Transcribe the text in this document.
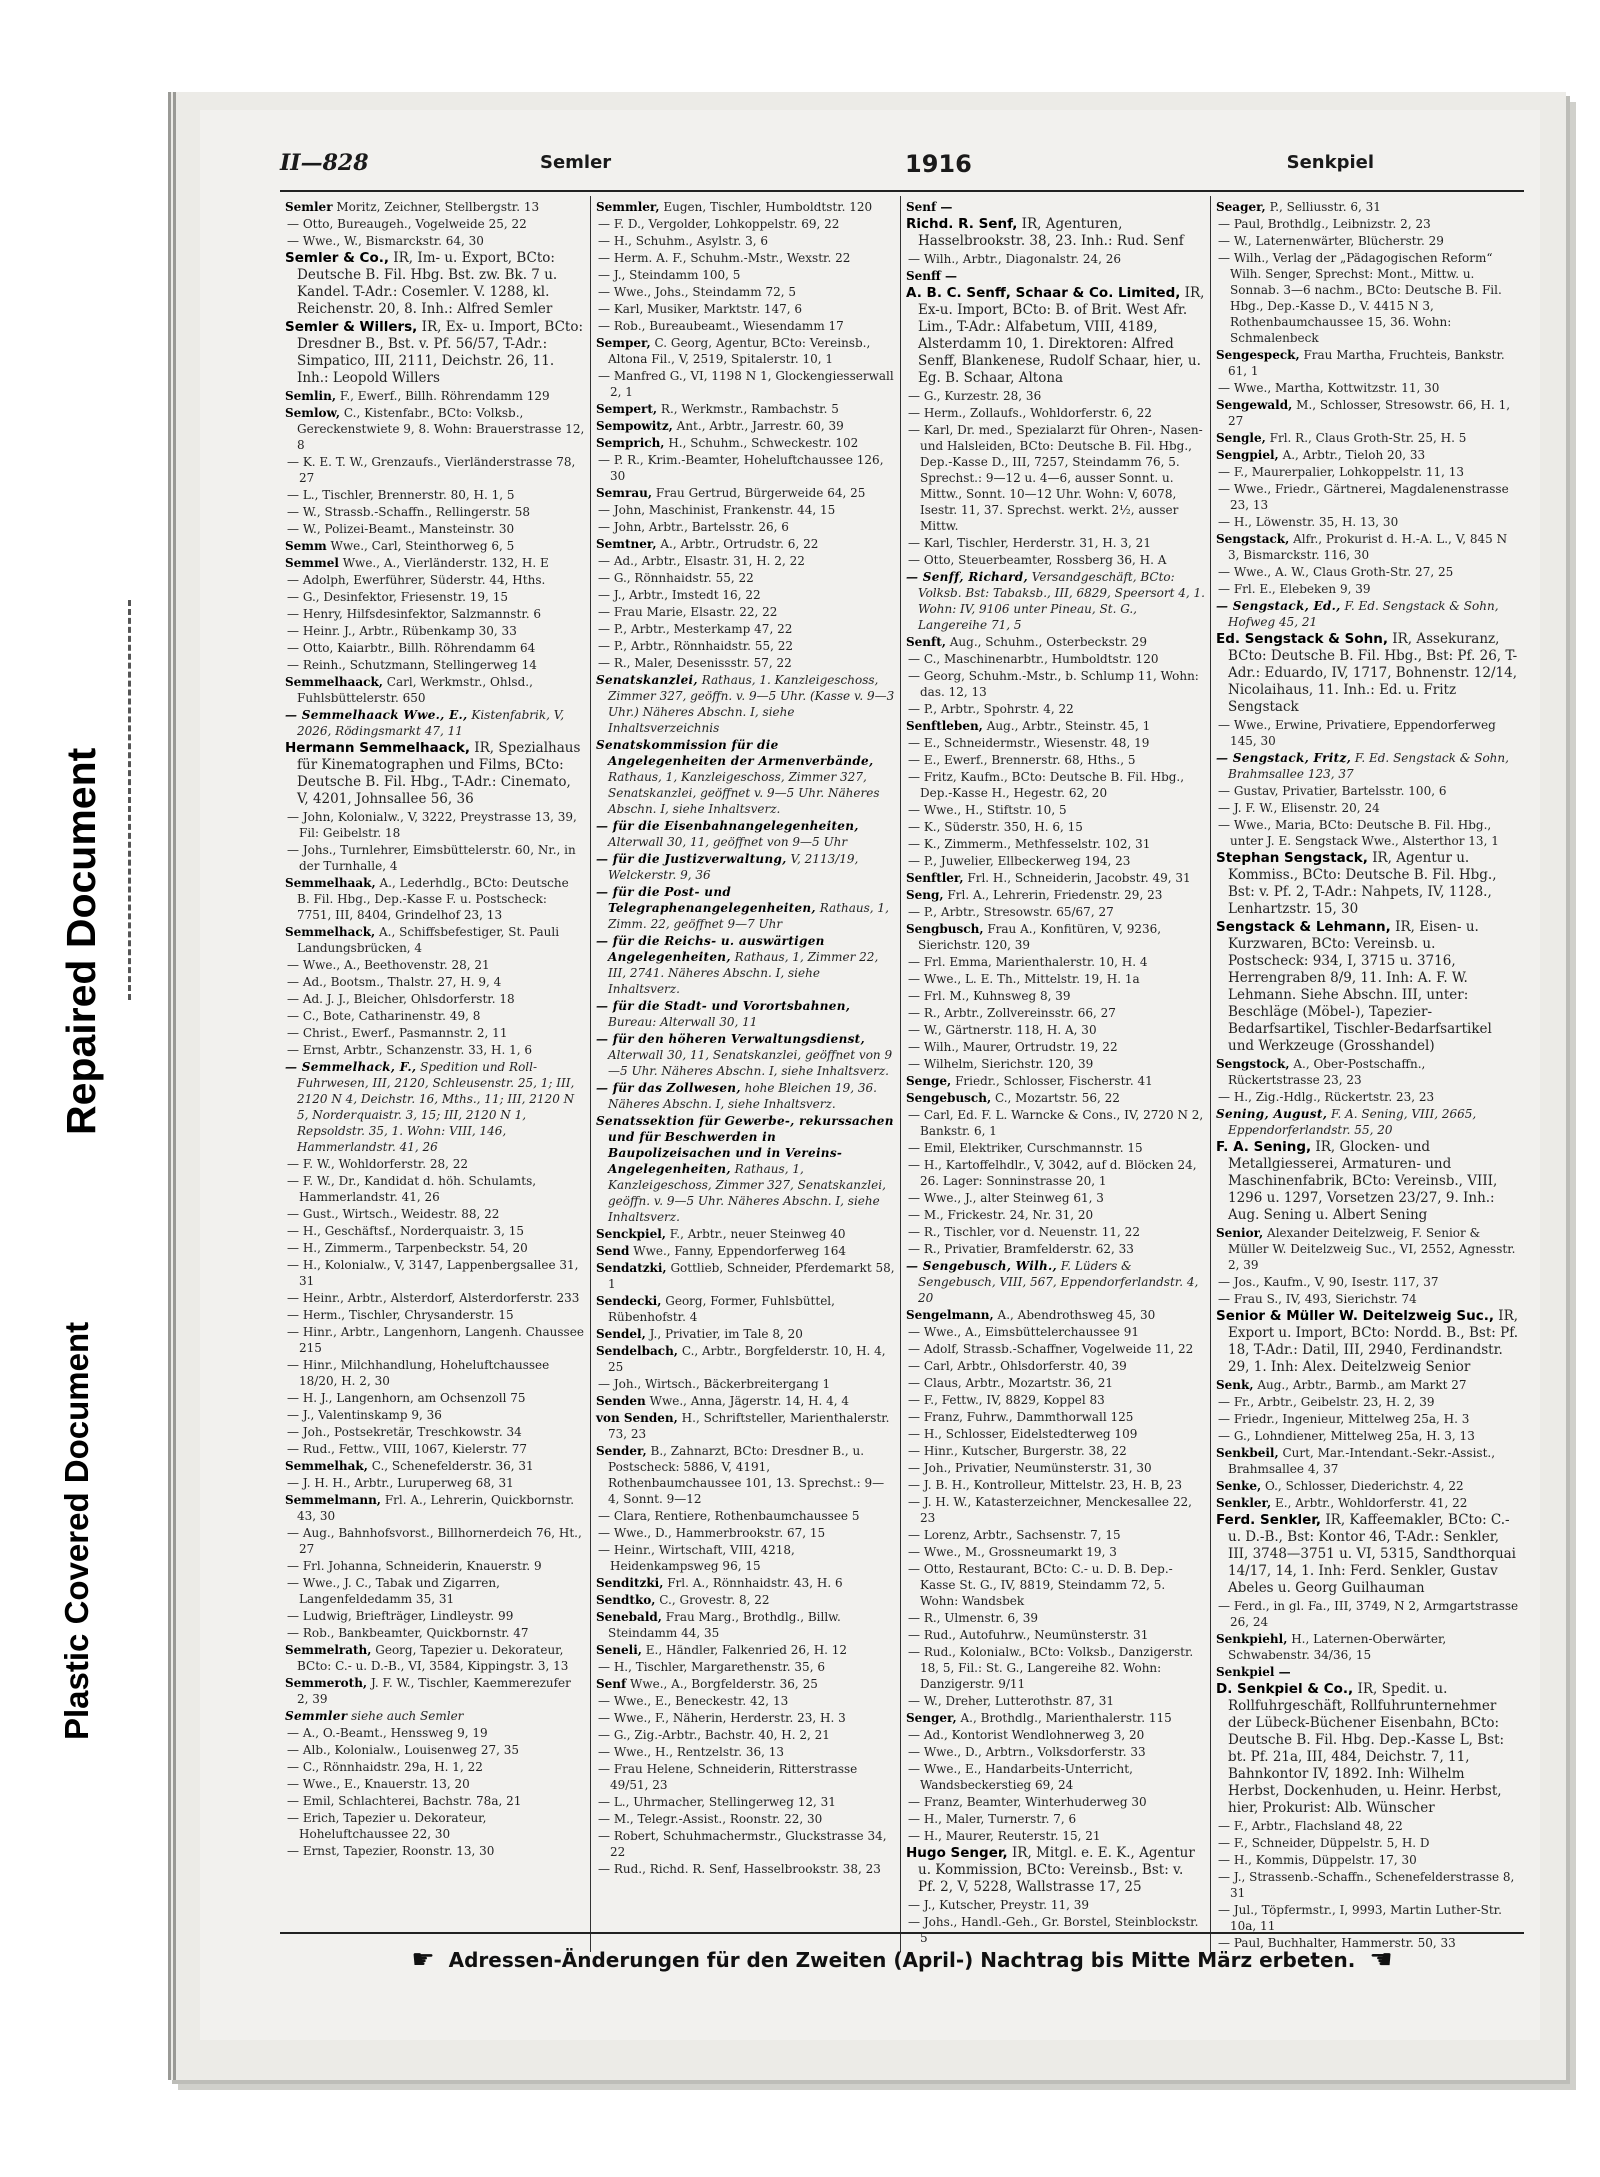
Repaired Document
Plastic Covered Document
II—828	Semler	1916	Senkpiel
Semler Moritz, Zeichner, Stellbergstr. 13
— Otto, Bureaugeh., Vogelweide 25, 22
— Wwe., W., Bismarckstr. 64, 30
Semler & Co., IR, Im- u. Export, BCto: Deutsche B. Fil. Hbg. Bst. zw. Bk. 7 u. Kandel. T-Adr.: Cosemler. V. 1288, kl. Reichenstr. 20, 8. Inh.: Alfred Semler
Semler & Willers, IR, Ex- u. Import, BCto: Dresdner B., Bst. v. Pf. 56/57, T-Adr.: Simpatico, III, 2111, Deichstr. 26, 11. Inh.: Leopold Willers
Semlin, F., Ewerf., Billh. Röhrendamm 129
Semlow, C., Kistenfabr., BCto: Volksb., Gereckenstwiete 9, 8. Wohn: Brauerstrasse 12, 8
— K. E. T. W., Grenzaufs., Vierländerstrasse 78, 27
— L., Tischler, Brennerstr. 80, H. 1, 5
— W., Strassb.-Schaffn., Rellingerstr. 58
— W., Polizei-Beamt., Mansteinstr. 30
Semm Wwe., Carl, Steinthorweg 6, 5
Semmel Wwe., A., Vierländerstr. 132, H. E
— Adolph, Ewerführer, Süderstr. 44, Hths.
— G., Desinfektor, Friesenstr. 19, 15
— Henry, Hilfsdesinfektor, Salzmannstr. 6
— Heinr. J., Arbtr., Rübenkamp 30, 33
— Otto, Kaiarbtr., Billh. Röhrendamm 64
— Reinh., Schutzmann, Stellingerweg 14
Semmelhaack, Carl, Werkmstr., Ohlsd., Fuhlsbüttelerstr. 650
— Semmelhaack Wwe., E., Kistenfabrik, V, 2026, Rödingsmarkt 47, 11
Hermann Semmelhaack, IR, Spezialhaus für Kinematographen und Films, BCto: Deutsche B. Fil. Hbg., T-Adr.: Cinemato, V, 4201, Johnsallee 56, 36
— John, Kolonialw., V, 3222, Preystrasse 13, 39, Fil: Geibelstr. 18
— Johs., Turnlehrer, Eimsbüttelerstr. 60, Nr., in der Turnhalle, 4
Semmelhaak, A., Lederhdlg., BCto: Deutsche B. Fil. Hbg., Dep.-Kasse F. u. Postscheck: 7751, III, 8404, Grindelhof 23, 13
Semmelhack, A., Schiffsbefestiger, St. Pauli Landungsbrücken, 4
— Wwe., A., Beethovenstr. 28, 21
— Ad., Bootsm., Thalstr. 27, H. 9, 4
— Ad. J. J., Bleicher, Ohlsdorferstr. 18
— C., Bote, Catharinenstr. 49, 8
— Christ., Ewerf., Pasmannstr. 2, 11
— Ernst, Arbtr., Schanzenstr. 33, H. 1, 6
— Semmelhack, F., Spedition und Roll-Fuhrwesen, III, 2120, Schleusenstr. 25, 1; III, 2120 N 4, Deichstr. 16, Mths., 11; III, 2120 N 5, Norderquaistr. 3, 15; III, 2120 N 1, Repsoldstr. 35, 1. Wohn: VIII, 146, Hammerlandstr. 41, 26
— F. W., Wohldorferstr. 28, 22
— F. W., Dr., Kandidat d. höh. Schulamts, Hammerlandstr. 41, 26
— Gust., Wirtsch., Weidestr. 88, 22
— H., Geschäftsf., Norderquaistr. 3, 15
— H., Zimmerm., Tarpenbeckstr. 54, 20
— H., Kolonialw., V, 3147, Lappenbergsallee 31, 31
— Heinr., Arbtr., Alsterdorf, Alsterdorferstr. 233
— Herm., Tischler, Chrysanderstr. 15
— Hinr., Arbtr., Langenhorn, Langenh. Chaussee 215
— Hinr., Milchhandlung, Hoheluftchaussee 18/20, H. 2, 30
— H. J., Langenhorn, am Ochsenzoll 75
— J., Valentinskamp 9, 36
— Joh., Postsekretär, Treschkowstr. 34
— Rud., Fettw., VIII, 1067, Kielerstr. 77
Semmelhak, C., Schenefelderstr. 36, 31
— J. H. H., Arbtr., Luruperweg 68, 31
Semmelmann, Frl. A., Lehrerin, Quickbornstr. 43, 30
— Aug., Bahnhofsvorst., Billhornerdeich 76, Ht., 27
— Frl. Johanna, Schneiderin, Knauerstr. 9
— Wwe., J. C., Tabak und Zigarren, Langenfeldedamm 35, 31
— Ludwig, Briefträger, Lindleystr. 99
— Rob., Bankbeamter, Quickbornstr. 47
Semmelrath, Georg, Tapezier u. Dekorateur, BCto: C.- u. D.-B., VI, 3584, Kippingstr. 3, 13
Semmeroth, J. F. W., Tischler, Kaemmerezufer 2, 39
Semmler siehe auch Semler
— A., O.-Beamt., Henssweg 9, 19
— Alb., Kolonialw., Louisenweg 27, 35
— C., Rönnhaidstr. 29a, H. 1, 22
— Wwe., E., Knauerstr. 13, 20
— Emil, Schlachterei, Bachstr. 78a, 21
— Erich, Tapezier u. Dekorateur, Hoheluftchaussee 22, 30
— Ernst, Tapezier, Roonstr. 13, 30
Semmler, Eugen, Tischler, Humboldtstr. 120
— F. D., Vergolder, Lohkoppelstr. 69, 22
— H., Schuhm., Asylstr. 3, 6
— Herm. A. F., Schuhm.-Mstr., Wexstr. 22
— J., Steindamm 100, 5
— Wwe., Johs., Steindamm 72, 5
— Karl, Musiker, Marktstr. 147, 6
— Rob., Bureaubeamt., Wiesendamm 17
Semper, C. Georg, Agentur, BCto: Vereinsb., Altona Fil., V, 2519, Spitalerstr. 10, 1
— Manfred G., VI, 1198 N 1, Glockengiesserwall 2, 1
Sempert, R., Werkmstr., Rambachstr. 5
Sempowitz, Ant., Arbtr., Jarrestr. 60, 39
Semprich, H., Schuhm., Schweckestr. 102
— P. R., Krim.-Beamter, Hoheluftchaussee 126, 30
Semrau, Frau Gertrud, Bürgerweide 64, 25
— John, Maschinist, Frankenstr. 44, 15
— John, Arbtr., Bartelsstr. 26, 6
Semtner, A., Arbtr., Ortrudstr. 6, 22
— Ad., Arbtr., Elsastr. 31, H. 2, 22
— G., Rönnhaidstr. 55, 22
— J., Arbtr., Imstedt 16, 22
— Frau Marie, Elsastr. 22, 22
— P., Arbtr., Mesterkamp 47, 22
— P., Arbtr., Rönnhaidstr. 55, 22
— R., Maler, Desenissstr. 57, 22
Senatskanzlei, Rathaus, 1. Kanzleigeschoss, Zimmer 327, geöffn. v. 9—5 Uhr. (Kasse v. 9—3 Uhr.) Näheres Abschn. I, siehe Inhaltsverzeichnis
Senatskommission für die Angelegenheiten der Armenverbände, Rathaus, 1, Kanzleigeschoss, Zimmer 327, Senatskanzlei, geöffnet v. 9—5 Uhr. Näheres Abschn. I, siehe Inhaltsverz.
— für die Eisenbahnangelegenheiten, Alterwall 30, 11, geöffnet von 9—5 Uhr
— für die Justizverwaltung, V, 2113/19, Welckerstr. 9, 36
— für die Post- und Telegraphenangelegenheiten, Rathaus, 1, Zimm. 22, geöffnet 9—7 Uhr
— für die Reichs- u. auswärtigen Angelegenheiten, Rathaus, 1, Zimmer 22, III, 2741. Näheres Abschn. I, siehe Inhaltsverz.
— für die Stadt- und Vorortsbahnen, Bureau: Alterwall 30, 11
— für den höheren Verwaltungsdienst, Alterwall 30, 11, Senatskanzlei, geöffnet von 9—5 Uhr. Näheres Abschn. I, siehe Inhaltsverz.
— für das Zollwesen, hohe Bleichen 19, 36. Näheres Abschn. I, siehe Inhaltsverz.
Senatssektion für Gewerbe-, rekurssachen und für Beschwerden in Baupolizeisachen und in Vereins-Angelegenheiten, Rathaus, 1, Kanzleigeschoss, Zimmer 327, Senatskanzlei, geöffn. v. 9—5 Uhr. Näheres Abschn. I, siehe Inhaltsverz.
Senckpiel, F., Arbtr., neuer Steinweg 40
Send Wwe., Fanny, Eppendorferweg 164
Sendatzki, Gottlieb, Schneider, Pferdemarkt 58, 1
Sendecki, Georg, Former, Fuhlsbüttel, Rübenhofstr. 4
Sendel, J., Privatier, im Tale 8, 20
Sendelbach, C., Arbtr., Borgfelderstr. 10, H. 4, 25
— Joh., Wirtsch., Bäckerbreitergang 1
Senden Wwe., Anna, Jägerstr. 14, H. 4, 4
von Senden, H., Schriftsteller, Marienthalerstr. 73, 23
Sender, B., Zahnarzt, BCto: Dresdner B., u. Postscheck: 5886, V, 4191, Rothenbaumchaussee 101, 13. Sprechst.: 9—4, Sonnt. 9—12
— Clara, Rentiere, Rothenbaumchaussee 5
— Wwe., D., Hammerbrookstr. 67, 15
— Heinr., Wirtschaft, VIII, 4218, Heidenkampsweg 96, 15
Senditzki, Frl. A., Rönnhaidstr. 43, H. 6
Sendtko, C., Grovestr. 8, 22
Senebald, Frau Marg., Brothdlg., Billw. Steindamm 44, 35
Seneli, E., Händler, Falkenried 26, H. 12
— H., Tischler, Margarethenstr. 35, 6
Senf Wwe., A., Borgfelderstr. 36, 25
— Wwe., E., Beneckestr. 42, 13
— Wwe., F., Näherin, Herderstr. 23, H. 3
— G., Zig.-Arbtr., Bachstr. 40, H. 2, 21
— Wwe., H., Rentzelstr. 36, 13
— Frau Helene, Schneiderin, Ritterstrasse 49/51, 23
— L., Uhrmacher, Stellingerweg 12, 31
— M., Telegr.-Assist., Roonstr. 22, 30
— Robert, Schuhmachermstr., Gluckstrasse 34, 22
— Rud., Richd. R. Senf, Hasselbrookstr. 38, 23
Senf —
Richd. R. Senf, IR, Agenturen, Hasselbrookstr. 38, 23. Inh.: Rud. Senf
— Wilh., Arbtr., Diagonalstr. 24, 26
Senff —
A. B. C. Senff, Schaar & Co. Limited, IR, Ex-u. Import, BCto: B. of Brit. West Afr. Lim., T-Adr.: Alfabetum, VIII, 4189, Alsterdamm 10, 1. Direktoren: Alfred Senff, Blankenese, Rudolf Schaar, hier, u. Eg. B. Schaar, Altona
— G., Kurzestr. 28, 36
— Herm., Zollaufs., Wohldorferstr. 6, 22
— Karl, Dr. med., Spezialarzt für Ohren-, Nasen- und Halsleiden, BCto: Deutsche B. Fil. Hbg., Dep.-Kasse D., III, 7257, Steindamm 76, 5. Sprechst.: 9—12 u. 4—6, ausser Sonnt. u. Mittw., Sonnt. 10—12 Uhr. Wohn: V, 6078, Isestr. 11, 37. Sprechst. werkt. 2½, ausser Mittw.
— Karl, Tischler, Herderstr. 31, H. 3, 21
— Otto, Steuerbeamter, Rossberg 36, H. A
— Senff, Richard, Versandgeschäft, BCto: Volksb. Bst: Tabaksb., III, 6829, Speersort 4, 1. Wohn: IV, 9106 unter Pineau, St. G., Langereihe 71, 5
Senft, Aug., Schuhm., Osterbeckstr. 29
— C., Maschinenarbtr., Humboldtstr. 120
— Georg, Schuhm.-Mstr., b. Schlump 11, Wohn: das. 12, 13
— P., Arbtr., Spohrstr. 4, 22
Senftleben, Aug., Arbtr., Steinstr. 45, 1
— E., Schneidermstr., Wiesenstr. 48, 19
— E., Ewerf., Brennerstr. 68, Hths., 5
— Fritz, Kaufm., BCto: Deutsche B. Fil. Hbg., Dep.-Kasse H., Hegestr. 62, 20
— Wwe., H., Stiftstr. 10, 5
— K., Süderstr. 350, H. 6, 15
— K., Zimmerm., Methfesselstr. 102, 31
— P., Juwelier, Ellbeckerweg 194, 23
Senftler, Frl. H., Schneiderin, Jacobstr. 49, 31
Seng, Frl. A., Lehrerin, Friedenstr. 29, 23
— P., Arbtr., Stresowstr. 65/67, 27
Sengbusch, Frau A., Konfitüren, V, 9236, Sierichstr. 120, 39
— Frl. Emma, Marienthalerstr. 10, H. 4
— Wwe., L. E. Th., Mittelstr. 19, H. 1a
— Frl. M., Kuhnsweg 8, 39
— R., Arbtr., Zollvereinsstr. 66, 27
— W., Gärtnerstr. 118, H. A, 30
— Wilh., Maurer, Ortrudstr. 19, 22
— Wilhelm, Sierichstr. 120, 39
Senge, Friedr., Schlosser, Fischerstr. 41
Sengebusch, C., Mozartstr. 56, 22
— Carl, Ed. F. L. Warncke & Cons., IV, 2720 N 2, Bankstr. 6, 1
— Emil, Elektriker, Curschmannstr. 15
— H., Kartoffelhdlr., V, 3042, auf d. Blöcken 24, 26. Lager: Sonninstrasse 20, 1
— Wwe., J., alter Steinweg 61, 3
— M., Frickestr. 24, Nr. 31, 20
— R., Tischler, vor d. Neuenstr. 11, 22
— R., Privatier, Bramfelderstr. 62, 33
— Sengebusch, Wilh., F. Lüders & Sengebusch, VIII, 567, Eppendorferlandstr. 4, 20
Sengelmann, A., Abendrothsweg 45, 30
— Wwe., A., Eimsbüttelerchaussee 91
— Adolf, Strassb.-Schaffner, Vogelweide 11, 22
— Carl, Arbtr., Ohlsdorferstr. 40, 39
— Claus, Arbtr., Mozartstr. 36, 21
— F., Fettw., IV, 8829, Koppel 83
— Franz, Fuhrw., Dammthorwall 125
— H., Schlosser, Eidelstedterweg 109
— Hinr., Kutscher, Burgerstr. 38, 22
— Joh., Privatier, Neumünsterstr. 31, 30
— J. B. H., Kontrolleur, Mittelstr. 23, H. B, 23
— J. H. W., Katasterzeichner, Menckesallee 22, 23
— Lorenz, Arbtr., Sachsenstr. 7, 15
— Wwe., M., Grossneumarkt 19, 3
— Otto, Restaurant, BCto: C.- u. D. B. Dep.-Kasse St. G., IV, 8819, Steindamm 72, 5. Wohn: Wandsbek
— R., Ulmenstr. 6, 39
— Rud., Autofuhrw., Neumünsterstr. 31
— Rud., Kolonialw., BCto: Volksb., Danzigerstr. 18, 5, Fil.: St. G., Langereihe 82. Wohn: Danzigerstr. 9/11
— W., Dreher, Lutterothstr. 87, 31
Senger, A., Brothdlg., Marienthalerstr. 115
— Ad., Kontorist Wendlohnerweg 3, 20
— Wwe., D., Arbtrn., Volksdorferstr. 33
— Wwe., E., Handarbeits-Unterricht, Wandsbeckerstieg 69, 24
— Franz, Beamter, Winterhuderweg 30
— H., Maler, Turnerstr. 7, 6
— H., Maurer, Reuterstr. 15, 21
Hugo Senger, IR, Mitgl. e. E. K., Agentur u. Kommission, BCto: Vereinsb., Bst: v. Pf. 2, V, 5228, Wallstrasse 17, 25
— J., Kutscher, Preystr. 11, 39
— Johs., Handl.-Geh., Gr. Borstel, Steinblockstr. 5
Seager, P., Selliusstr. 6, 31
— Paul, Brothdlg., Leibnizstr. 2, 23
— W., Laternenwärter, Blücherstr. 29
— Wilh., Verlag der „Pädagogischen Reform“ Wilh. Senger, Sprechst: Mont., Mittw. u. Sonnab. 3—6 nachm., BCto: Deutsche B. Fil. Hbg., Dep.-Kasse D., V. 4415 N 3, Rothenbaumchaussee 15, 36. Wohn: Schmalenbeck
Sengespeck, Frau Martha, Fruchteis, Bankstr. 61, 1
— Wwe., Martha, Kottwitzstr. 11, 30
Sengewald, M., Schlosser, Stresowstr. 66, H. 1, 27
Sengle, Frl. R., Claus Groth-Str. 25, H. 5
Sengpiel, A., Arbtr., Tieloh 20, 33
— F., Maurerpalier, Lohkoppelstr. 11, 13
— Wwe., Friedr., Gärtnerei, Magdalenenstrasse 23, 13
— H., Löwenstr. 35, H. 13, 30
Sengstack, Alfr., Prokurist d. H.-A. L., V, 845 N 3, Bismarckstr. 116, 30
— Wwe., A. W., Claus Groth-Str. 27, 25
— Frl. E., Elebeken 9, 39
— Sengstack, Ed., F. Ed. Sengstack & Sohn, Hofweg 45, 21
Ed. Sengstack & Sohn, IR, Assekuranz, BCto: Deutsche B. Fil. Hbg., Bst: Pf. 26, T-Adr.: Eduardo, IV, 1717, Bohnenstr. 12/14, Nicolaihaus, 11. Inh.: Ed. u. Fritz Sengstack
— Wwe., Erwine, Privatiere, Eppendorferweg 145, 30
— Sengstack, Fritz, F. Ed. Sengstack & Sohn, Brahmsallee 123, 37
— Gustav, Privatier, Bartelsstr. 100, 6
— J. F. W., Elisenstr. 20, 24
— Wwe., Maria, BCto: Deutsche B. Fil. Hbg., unter J. E. Sengstack Wwe., Alsterthor 13, 1
Stephan Sengstack, IR, Agentur u. Kommiss., BCto: Deutsche B. Fil. Hbg., Bst: v. Pf. 2, T-Adr.: Nahpets, IV, 1128., Lenhartzstr. 15, 30
Sengstack & Lehmann, IR, Eisen- u. Kurzwaren, BCto: Vereinsb. u. Postscheck: 934, I, 3715 u. 3716, Herrengraben 8/9, 11. Inh: A. F. W. Lehmann. Siehe Abschn. III, unter: Beschläge (Möbel-), Tapezier-Bedarfsartikel, Tischler-Bedarfsartikel und Werkzeuge (Grosshandel)
Sengstock, A., Ober-Postschaffn., Rückertstrasse 23, 23
— H., Zig.-Hdlg., Rückertstr. 23, 23
Sening, August, F. A. Sening, VIII, 2665, Eppendorferlandstr. 55, 20
F. A. Sening, IR, Glocken- und Metallgiesserei, Armaturen- und Maschinenfabrik, BCto: Vereinsb., VIII, 1296 u. 1297, Vorsetzen 23/27, 9. Inh.: Aug. Sening u. Albert Sening
Senior, Alexander Deitelzweig, F. Senior & Müller W. Deitelzweig Suc., VI, 2552, Agnesstr. 2, 39
— Jos., Kaufm., V, 90, Isestr. 117, 37
— Frau S., IV, 493, Sierichstr. 74
Senior & Müller W. Deitelzweig Suc., IR, Export u. Import, BCto: Nordd. B., Bst: Pf. 18, T-Adr.: Datil, III, 2940, Ferdinandstr. 29, 1. Inh: Alex. Deitelzweig Senior
Senk, Aug., Arbtr., Barmb., am Markt 27
— Fr., Arbtr., Geibelstr. 23, H. 2, 39
— Friedr., Ingenieur, Mittelweg 25a, H. 3
— G., Lohndiener, Mittelweg 25a, H. 3, 13
Senkbeil, Curt, Mar.-Intendant.-Sekr.-Assist., Brahmsallee 4, 37
Senke, O., Schlosser, Diederichstr. 4, 22
Senkler, E., Arbtr., Wohldorferstr. 41, 22
Ferd. Senkler, IR, Kaffeemakler, BCto: C.- u. D.-B., Bst: Kontor 46, T-Adr.: Senkler, III, 3748—3751 u. VI, 5315, Sandthorquai 14/17, 14, 1. Inh: Ferd. Senkler, Gustav Abeles u. Georg Guilhauman
— Ferd., in gl. Fa., III, 3749, N 2, Armgartstrasse 26, 24
Senkpiehl, H., Laternen-Oberwärter, Schwabenstr. 34/36, 15
Senkpiel —
D. Senkpiel & Co., IR, Spedit. u. Rollfuhrgeschäft, Rollfuhrunternehmer der Lübeck-Büchener Eisenbahn, BCto: Deutsche B. Fil. Hbg. Dep.-Kasse L, Bst: bt. Pf. 21a, III, 484, Deichstr. 7, 11, Bahnkontor IV, 1892. Inh: Wilhelm Herbst, Dockenhuden, u. Heinr. Herbst, hier, Prokurist: Alb. Wünscher
— F., Arbtr., Flachsland 48, 22
— F., Schneider, Düppelstr. 5, H. D
— H., Kommis, Düppelstr. 17, 30
— J., Strassenb.-Schaffn., Schenefelderstrasse 8, 31
— Jul., Töpfermstr., I, 9993, Martin Luther-Str. 10a, 11
— Paul, Buchhalter, Hammerstr. 50, 33
☛ Adressen-Änderungen für den Zweiten (April-) Nachtrag bis Mitte März erbeten. ☚
